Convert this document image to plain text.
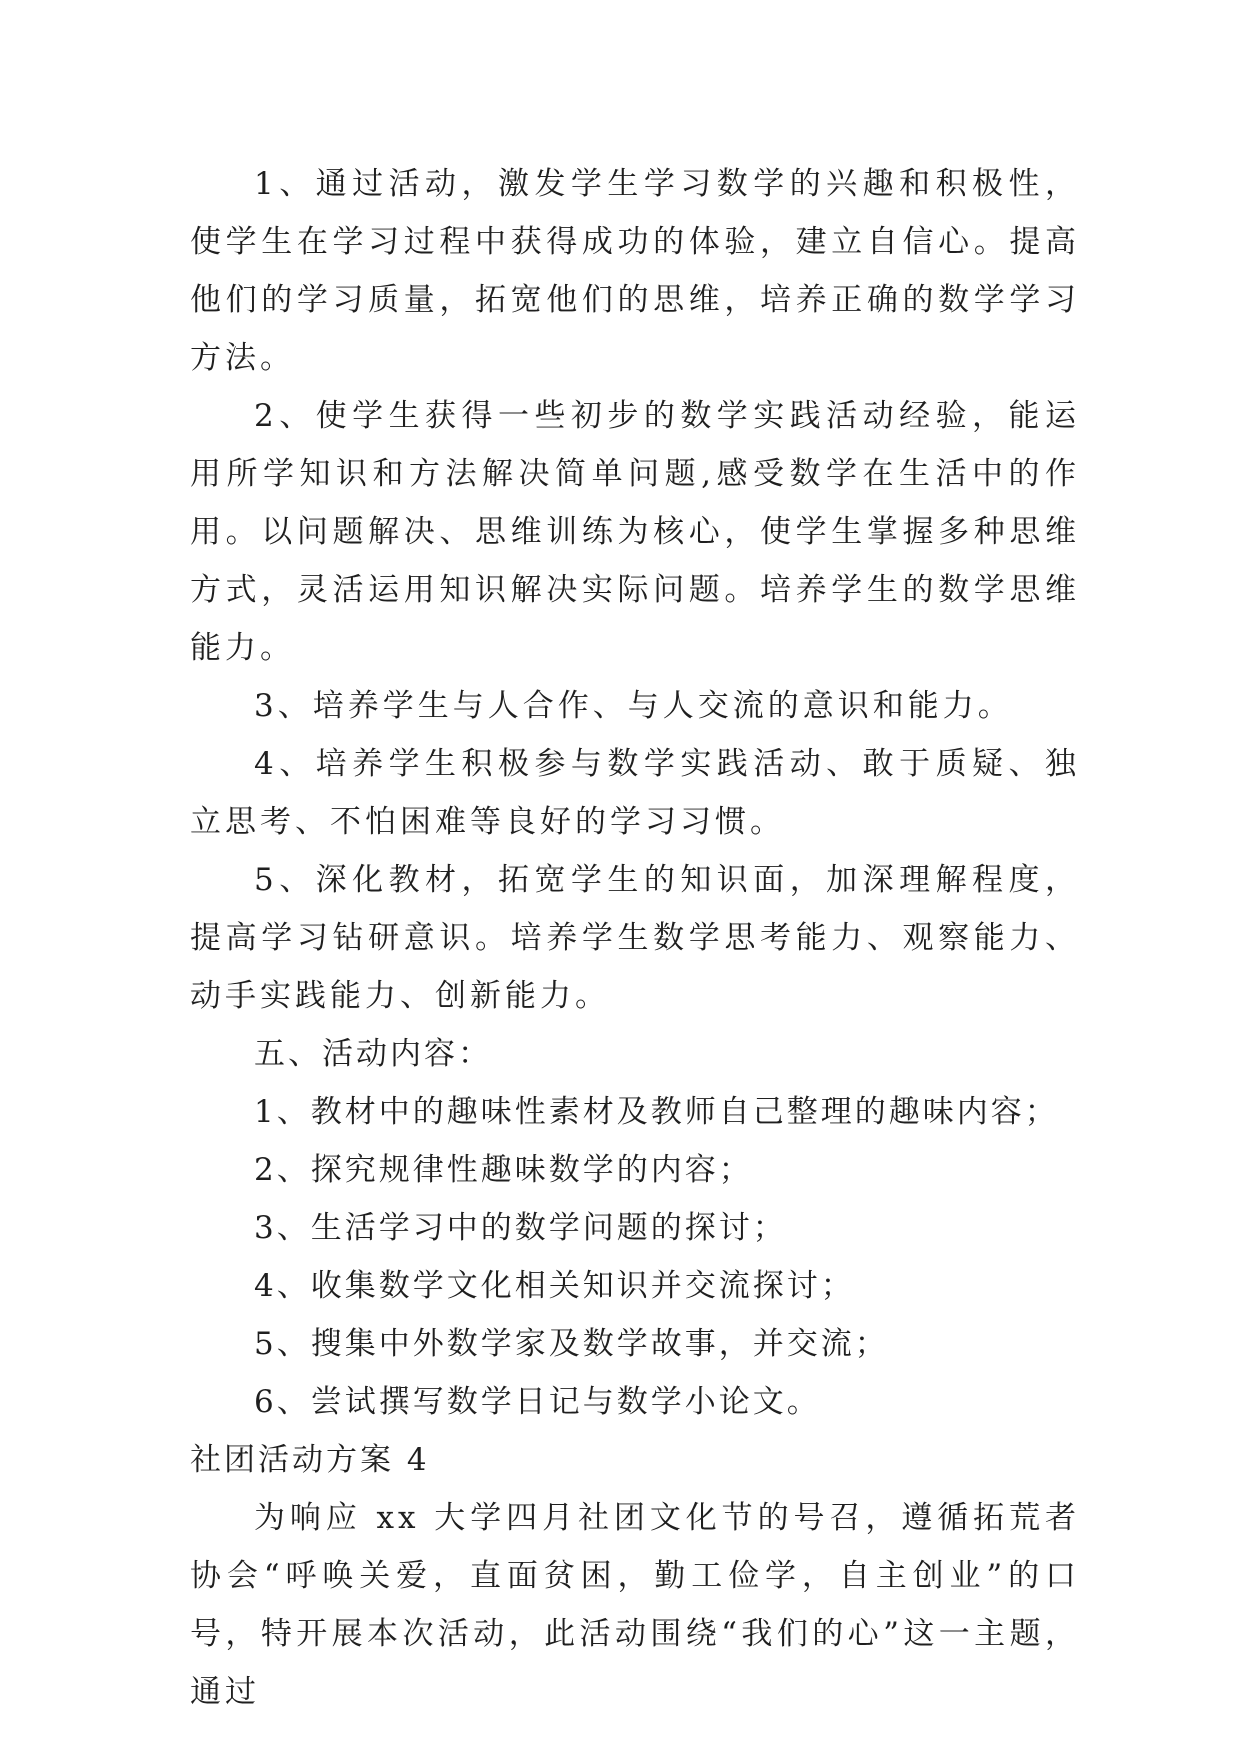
1、通过活动，激发学生学习数学的兴趣和积极性，使学生在学习过程中获得成功的体验，建立自信心。提高他们的学习质量，拓宽他们的思维，培养正确的数学学习方法。

2、使学生获得一些初步的数学实践活动经验，能运用所学知识和方法解决简单问题,感受数学在生活中的作用。以问题解决、思维训练为核心，使学生掌握多种思维方式，灵活运用知识解决实际问题。培养学生的数学思维能力。

3、培养学生与人合作、与人交流的意识和能力。

4、培养学生积极参与数学实践活动、敢于质疑、独立思考、不怕困难等良好的学习习惯。

5、深化教材，拓宽学生的知识面，加深理解程度，提高学习钻研意识。培养学生数学思考能力、观察能力、动手实践能力、创新能力。

五、活动内容：

1、教材中的趣味性素材及教师自己整理的趣味内容；

2、探究规律性趣味数学的内容；

3、生活学习中的数学问题的探讨；

4、收集数学文化相关知识并交流探讨；

5、搜集中外数学家及数学故事，并交流；

6、尝试撰写数学日记与数学小论文。

社团活动方案 4

为响应 xx 大学四月社团文化节的号召，遵循拓荒者协会“呼唤关爱，直面贫困，勤工俭学，自主创业”的口号，特开展本次活动，此活动围绕“我们的心”这一主题，通过
